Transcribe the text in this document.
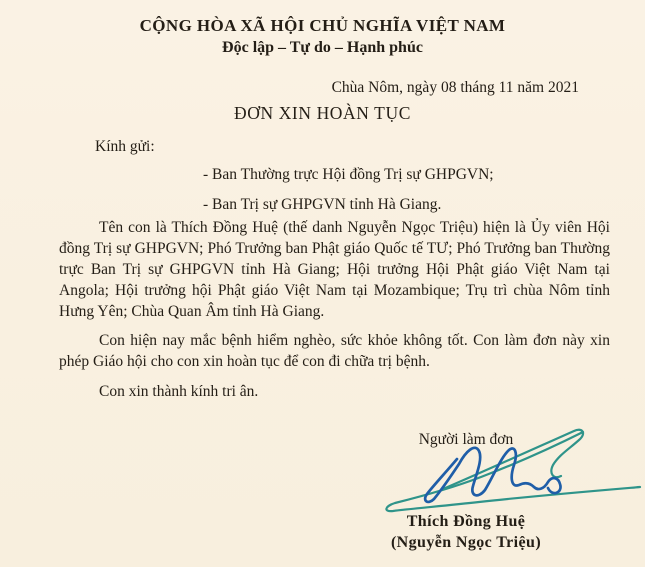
CỘNG HÒA XÃ HỘI CHỦ NGHĨA VIỆT NAM
Độc lập – Tự do – Hạnh phúc
Chùa Nôm, ngày 08 tháng 11 năm 2021
ĐƠN XIN HOÀN TỤC
Kính gửi:
- Ban Thường trực Hội đồng Trị sự GHPGVN;
- Ban Trị sự GHPGVN tỉnh Hà Giang.

Tên con là Thích Đồng Huệ (thế danh Nguyễn Ngọc Triệu) hiện là Ủy viên Hội đồng Trị sự GHPGVN; Phó Trưởng ban Phật giáo Quốc tế TƯ; Phó Trưởng ban Thường trực Ban Trị sự GHPGVN tỉnh Hà Giang; Hội trưởng Hội Phật giáo Việt Nam tại Angola; Hội trưởng hội Phật giáo Việt Nam tại Mozambique; Trụ trì chùa Nôm tỉnh Hưng Yên; Chùa Quan Âm tỉnh Hà Giang.

Con hiện nay mắc bệnh hiểm nghèo, sức khỏe không tốt. Con làm đơn này xin phép Giáo hội cho con xin hoàn tục để con đi chữa trị bệnh.

Con xin thành kính tri ân.

Người làm đơn
Thích Đồng Huệ
(Nguyễn Ngọc Triệu)
